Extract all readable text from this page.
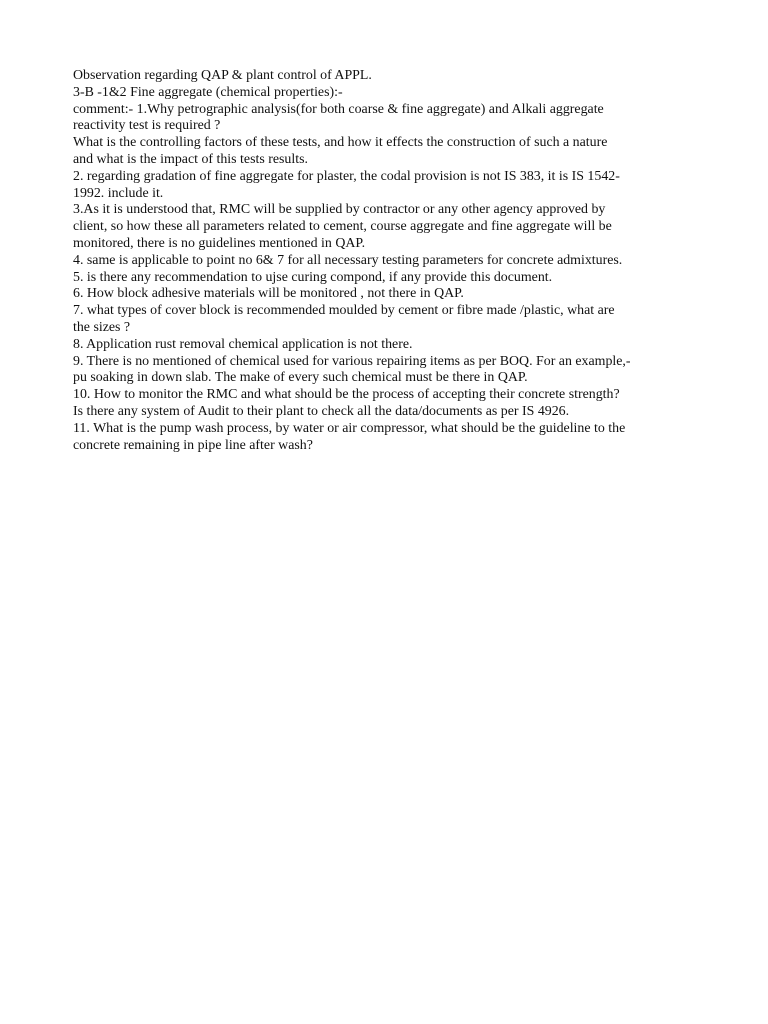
Observation regarding QAP & plant control of APPL.

3-B -1&2 Fine aggregate (chemical properties):-

comment:- 1.Why petrographic analysis(for both coarse & fine aggregate) and Alkali aggregate

reactivity test is required ?

What is the controlling factors of these tests, and how it effects the construction of such a nature

and what is the impact of this tests results.

2. regarding gradation of fine aggregate for plaster, the codal provision is not IS 383, it is IS 1542-

1992. include it.

3.As it is understood that, RMC will be supplied by contractor or any other agency approved by

client, so how these all parameters related to cement, course aggregate and fine aggregate will be

monitored, there is no guidelines mentioned in QAP.

4. same is applicable to point no 6& 7 for all necessary testing parameters for concrete admixtures.

5. is there any recommendation to ujse curing compond, if any provide this document.

6. How block adhesive materials will be monitored , not there in QAP.

7. what types of cover block is recommended moulded by cement or fibre made /plastic, what are

the sizes ?

8. Application rust removal chemical application is not there.

9. There is no mentioned of chemical used for various repairing items as per BOQ. For an example,-

pu soaking in down slab. The make of every such chemical must be there in QAP.

10. How to monitor the RMC and what should be the process of accepting their concrete strength?

Is there any system of Audit to their plant to check all the data/documents as per IS 4926.

11. What is the pump wash process, by water or air compressor, what should be the guideline to the

concrete remaining in pipe line after wash?
